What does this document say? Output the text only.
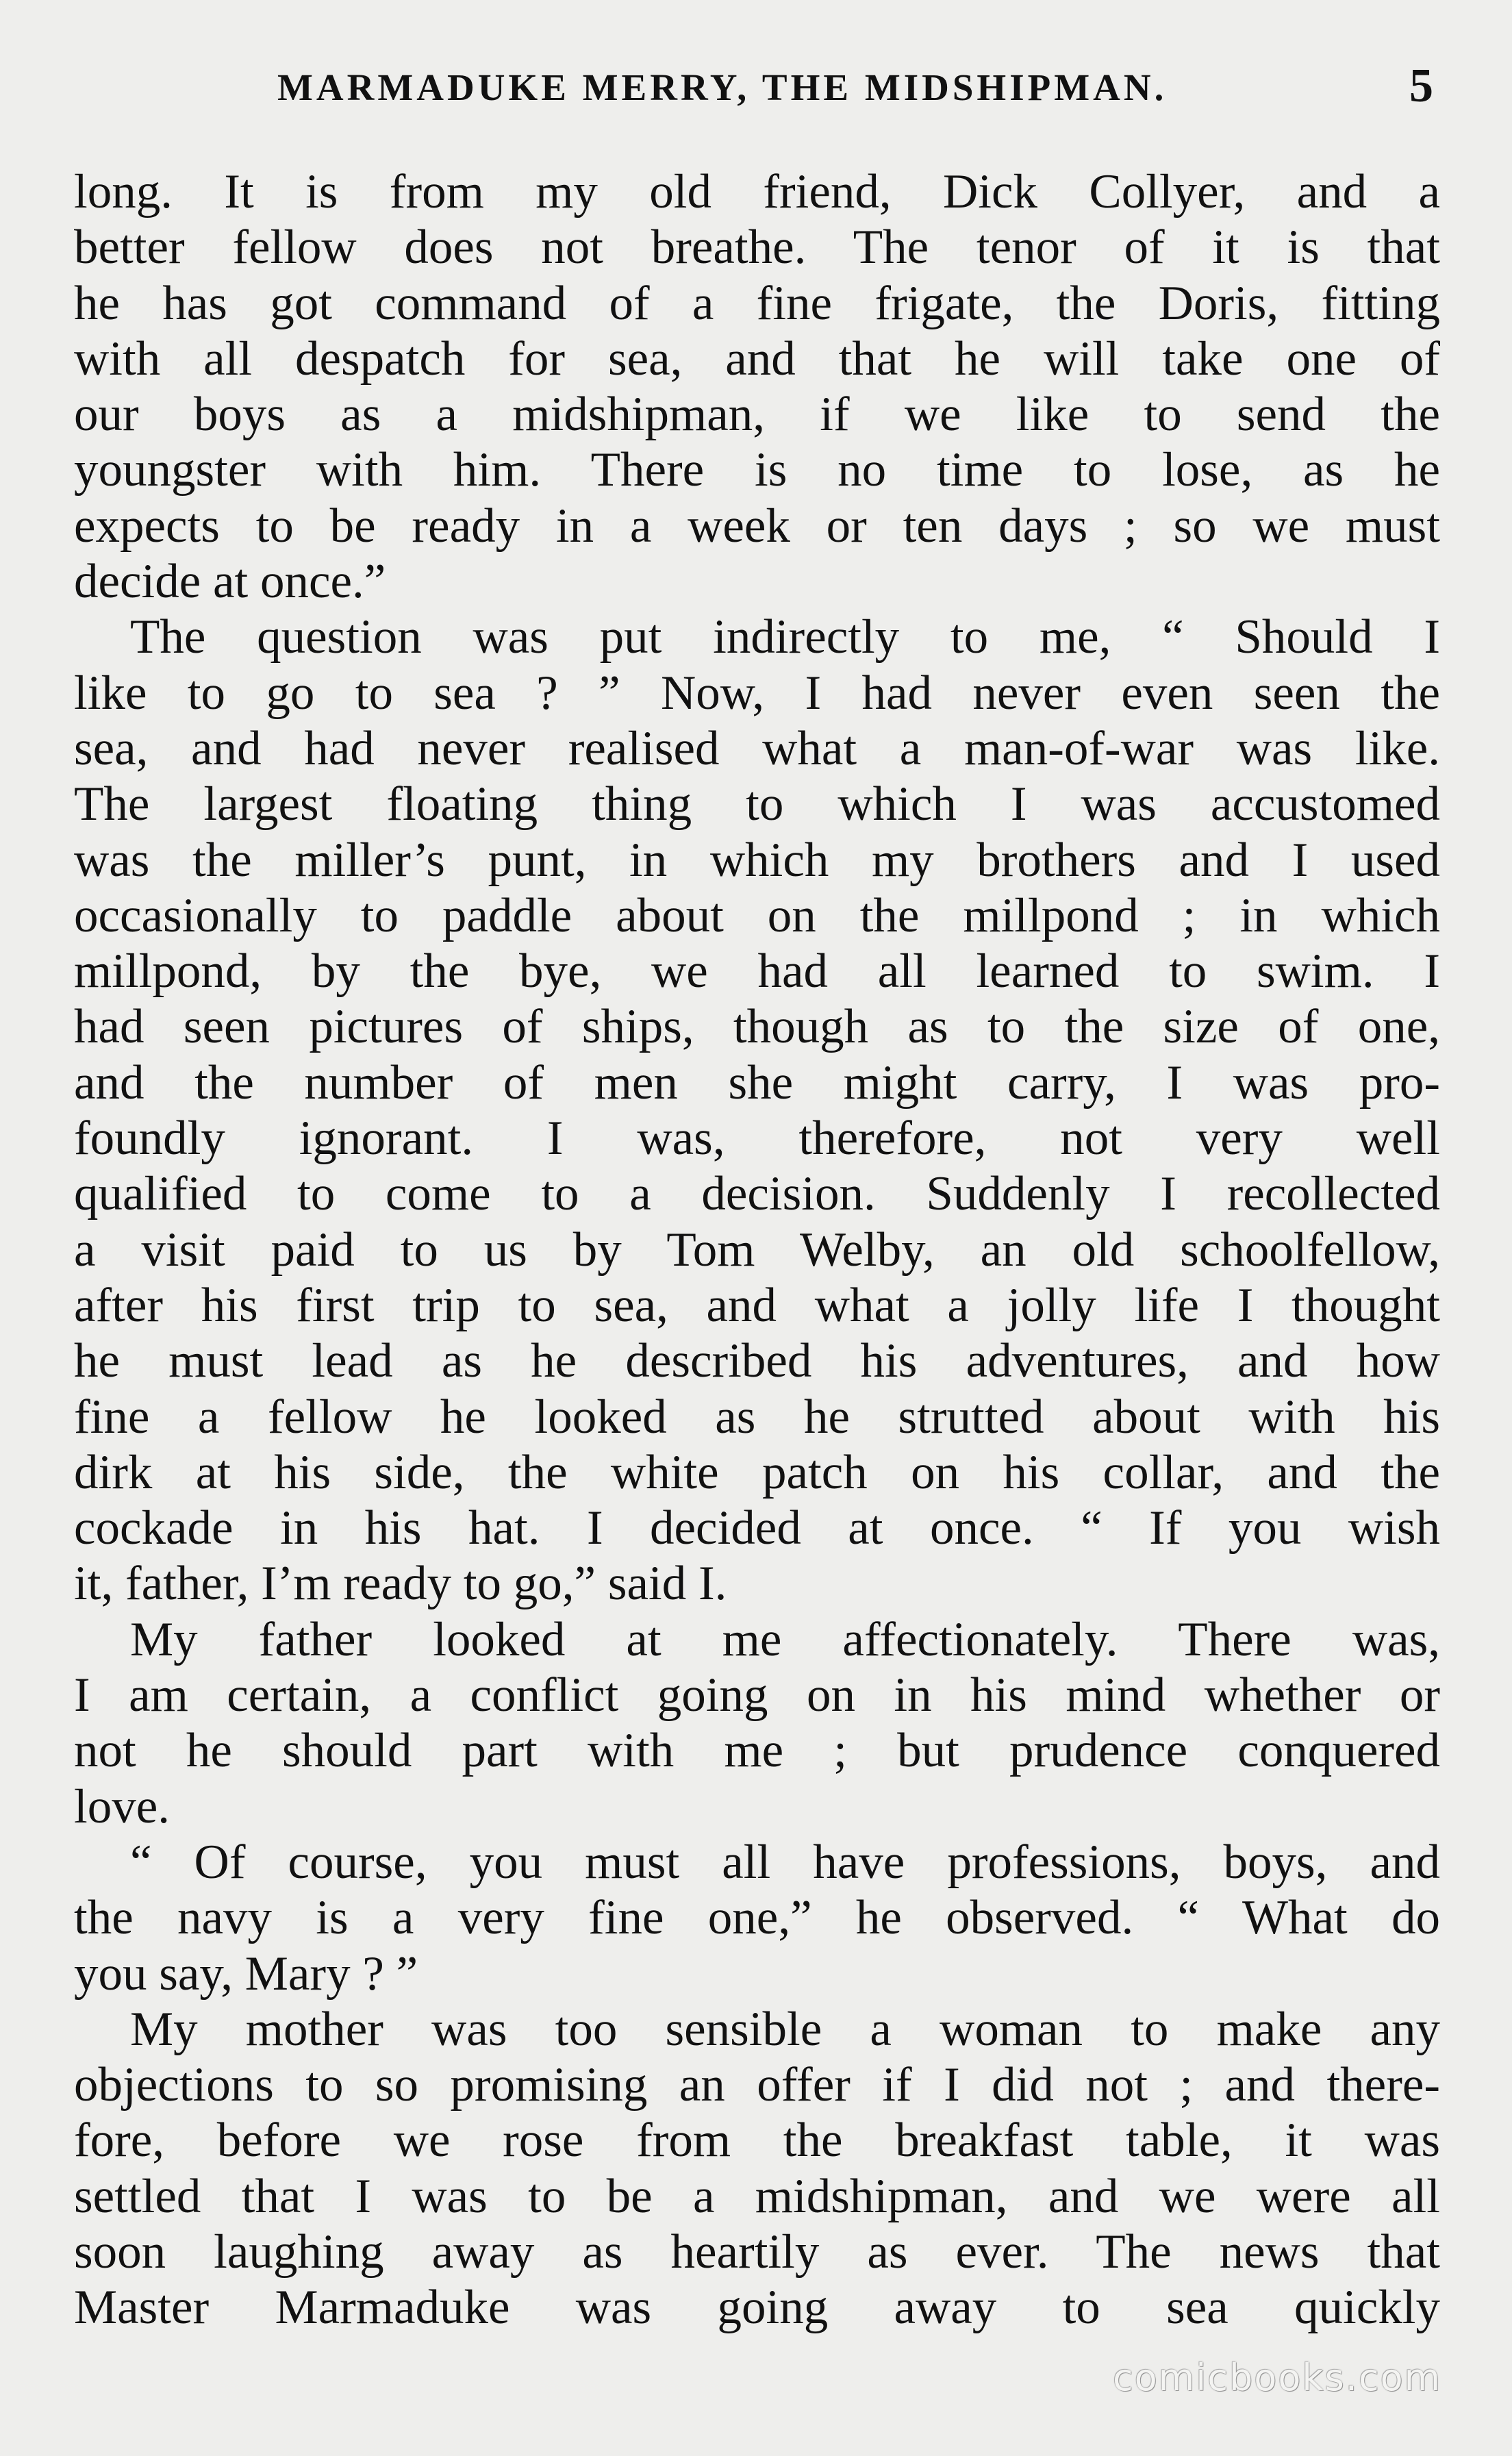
MARMADUKE MERRY, THE MIDSHIPMAN.	5
long. It is from my old friend, Dick Collyer, and a
better fellow does not breathe. The tenor of it is that
he has got command of a fine frigate, the Doris, fitting
with all despatch for sea, and that he will take one of
our boys as a midshipman, if we like to send the
youngster with him. There is no time to lose, as he
expects to be ready in a week or ten days ; so we must
decide at once.”
The question was put indirectly to me, “ Should I
like to go to sea ? ” Now, I had never even seen the
sea, and had never realised what a man-of-war was like.
The largest floating thing to which I was accustomed
was the miller’s punt, in which my brothers and I used
occasionally to paddle about on the millpond ; in which
millpond, by the bye, we had all learned to swim. I
had seen pictures of ships, though as to the size of one,
and the number of men she might carry, I was pro-
foundly ignorant. I was, therefore, not very well
qualified to come to a decision. Suddenly I recollected
a visit paid to us by Tom Welby, an old schoolfellow,
after his first trip to sea, and what a jolly life I thought
he must lead as he described his adventures, and how
fine a fellow he looked as he strutted about with his
dirk at his side, the white patch on his collar, and the
cockade in his hat. I decided at once. “ If you wish
it, father, I’m ready to go,” said I.
My father looked at me affectionately. There was,
I am certain, a conflict going on in his mind whether or
not he should part with me ; but prudence conquered
love.
“ Of course, you must all have professions, boys, and
the navy is a very fine one,” he observed. “ What do
you say, Mary ? ”
My mother was too sensible a woman to make any
objections to so promising an offer if I did not ; and there-
fore, before we rose from the breakfast table, it was
settled that I was to be a midshipman, and we were all
soon laughing away as heartily as ever. The news that
Master Marmaduke was going away to sea quickly
comicbooks.com
